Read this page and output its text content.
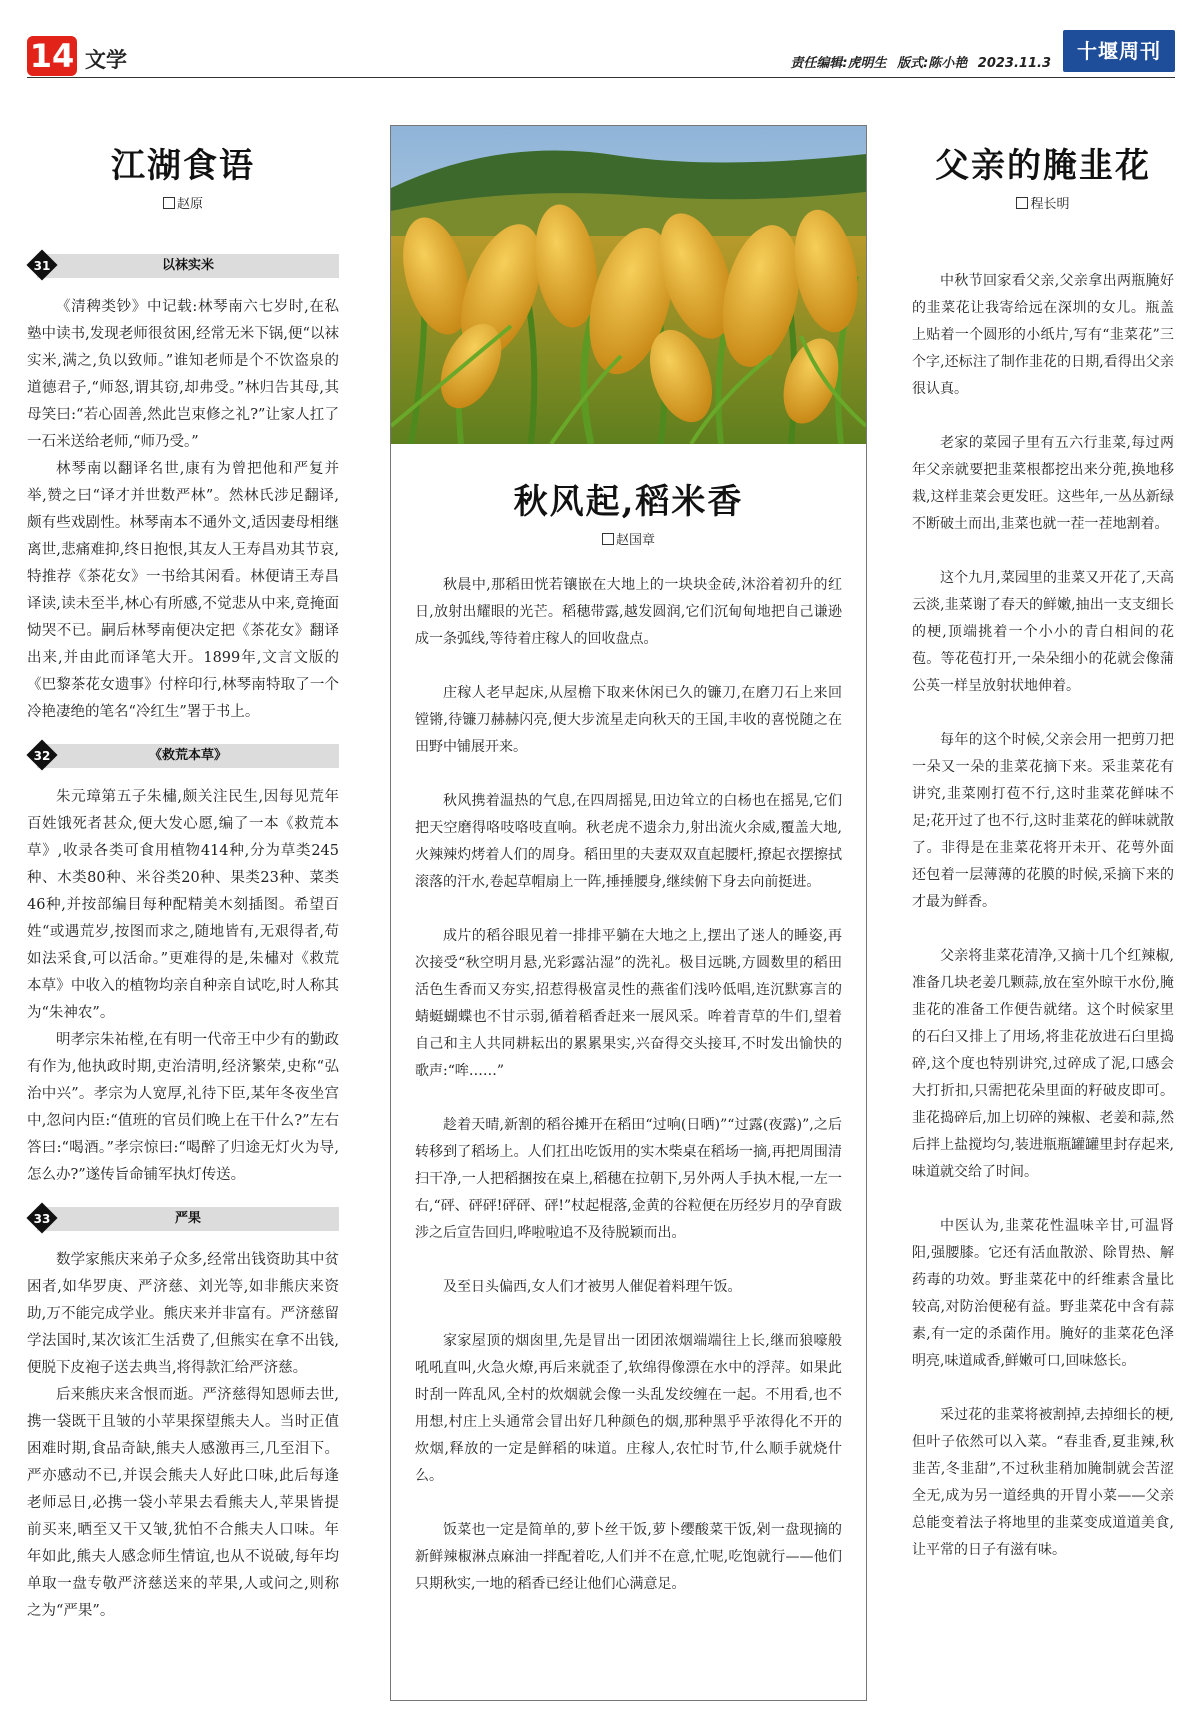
14 文学	责任编辑:虎明生 版式:陈小艳 2023.11.3
十堰周刊
江湖食语
赵原
以袜实米
31

《清稗类钞》中记载:林琴南六七岁时,在私塾中读书,发现老师很贫困,经常无米下锅,便“以袜实米,满之,负以致师。”谁知老师是个不饮盗泉的道德君子,“师怒,谓其窃,却弗受。”林归告其母,其母笑曰:“若心固善,然此岂束修之礼?”让家人扛了一石米送给老师,“师乃受。”

林琴南以翻译名世,康有为曾把他和严复并举,赞之曰“译才并世数严林”。然林氏涉足翻译,颇有些戏剧性。林琴南本不通外文,适因妻母相继离世,悲痛难抑,终日抱恨,其友人王寿昌劝其节哀,特推荐《茶花女》一书给其闲看。林便请王寿昌译读,读未至半,林心有所感,不觉悲从中来,竟掩面恸哭不已。嗣后林琴南便决定把《茶花女》翻译出来,并由此而译笔大开。1899年,文言文版的《巴黎茶花女遗事》付梓印行,林琴南特取了一个冷艳凄绝的笔名“冷红生”署于书上。

《救荒本草》
32

朱元璋第五子朱橚,颇关注民生,因每见荒年百姓饿死者甚众,便大发心愿,编了一本《救荒本草》,收录各类可食用植物414种,分为草类245种、木类80种、米谷类20种、果类23种、菜类46种,并按部编目每种配精美木刻插图。希望百姓“或遇荒岁,按图而求之,随地皆有,无艰得者,苟如法采食,可以活命。”更难得的是,朱橚对《救荒本草》中收入的植物均亲自种亲自试吃,时人称其为“朱神农”。

明孝宗朱祐樘,在有明一代帝王中少有的勤政有作为,他执政时期,吏治清明,经济繁荣,史称“弘治中兴”。孝宗为人宽厚,礼待下臣,某年冬夜坐宫中,忽问内臣:“值班的官员们晚上在干什么?”左右答曰:“喝酒。”孝宗惊曰:“喝醉了归途无灯火为导,怎么办?”遂传旨命铺军执灯传送。

严果
33

数学家熊庆来弟子众多,经常出钱资助其中贫困者,如华罗庚、严济慈、刘光等,如非熊庆来资助,万不能完成学业。熊庆来并非富有。严济慈留学法国时,某次该汇生活费了,但熊实在拿不出钱,便脱下皮袍子送去典当,将得款汇给严济慈。

后来熊庆来含恨而逝。严济慈得知恩师去世,携一袋既干且皱的小苹果探望熊夫人。当时正值困难时期,食品奇缺,熊夫人感激再三,几至泪下。严亦感动不已,并误会熊夫人好此口味,此后每逢老师忌日,必携一袋小苹果去看熊夫人,苹果皆提前买来,晒至又干又皱,犹怕不合熊夫人口味。年年如此,熊夫人感念师生情谊,也从不说破,每年均单取一盘专敬严济慈送来的苹果,人或问之,则称之为“严果”。

秋风起,稻米香
赵国章

秋晨中,那稻田恍若镶嵌在大地上的一块块金砖,沐浴着初升的红日,放射出耀眼的光芒。稻穗带露,越发圆润,它们沉甸甸地把自己谦逊成一条弧线,等待着庄稼人的回收盘点。

庄稼人老早起床,从屋檐下取来休闲已久的镰刀,在磨刀石上来回镗锵,待镰刀赫赫闪亮,便大步流星走向秋天的王国,丰收的喜悦随之在田野中铺展开来。

秋风携着温热的气息,在四周摇晃,田边耸立的白杨也在摇晃,它们把天空磨得咯吱咯吱直响。秋老虎不遗余力,射出流火余威,覆盖大地,火辣辣灼烤着人们的周身。稻田里的夫妻双双直起腰杆,撩起衣摆擦拭滚落的汗水,卷起草帽扇上一阵,捶捶腰身,继续俯下身去向前挺进。

成片的稻谷眼见着一排排平躺在大地之上,摆出了迷人的睡姿,再次接受“秋空明月悬,光彩露沾湿”的洗礼。极目远眺,方圆数里的稻田活色生香而又夯实,招惹得极富灵性的燕雀们浅吟低唱,连沉默寡言的蜻蜓蝴蝶也不甘示弱,循着稻香赶来一展风采。哞着青草的牛们,望着自己和主人共同耕耘出的累累果实,兴奋得交头接耳,不时发出愉快的歌声:“哞……”

趁着天晴,新割的稻谷摊开在稻田“过响(日晒)”“过露(夜露)”,之后转移到了稻场上。人们扛出吃饭用的实木柴桌在稻场一摘,再把周围清扫干净,一人把稻捆按在桌上,稻穗在拉朝下,另外两人手执木棍,一左一右,“砰、砰砰!砰砰、砰!”杖起棍落,金黄的谷粒便在历经岁月的孕育跋涉之后宣告回归,哗啦啦追不及待脱颖而出。

及至日头偏西,女人们才被男人催促着料理午饭。

家家屋顶的烟囱里,先是冒出一团团浓烟端端往上长,继而狼嚎般吼吼直叫,火急火燎,再后来就歪了,软绵得像漂在水中的浮萍。如果此时刮一阵乱风,全村的炊烟就会像一头乱发绞缠在一起。不用看,也不用想,村庄上头通常会冒出好几种颜色的烟,那种黑乎乎浓得化不开的炊烟,释放的一定是鲜稻的味道。庄稼人,农忙时节,什么顺手就烧什么。

饭菜也一定是简单的,萝卜丝干饭,萝卜缨酸菜干饭,剁一盘现摘的新鲜辣椒淋点麻油一拌配着吃,人们并不在意,忙呢,吃饱就行——他们只期秋实,一地的稻香已经让他们心满意足。

父亲的腌韭花
程长明

中秋节回家看父亲,父亲拿出两瓶腌好的韭菜花让我寄给远在深圳的女儿。瓶盖上贴着一个圆形的小纸片,写有“韭菜花”三个字,还标注了制作韭花的日期,看得出父亲很认真。

老家的菜园子里有五六行韭菜,每过两年父亲就要把韭菜根都挖出来分蔸,换地移栽,这样韭菜会更发旺。这些年,一丛丛新绿不断破土而出,韭菜也就一茬一茬地割着。

这个九月,菜园里的韭菜又开花了,天高云淡,韭菜谢了春天的鲜嫩,抽出一支支细长的梗,顶端挑着一个小小的青白相间的花苞。等花苞打开,一朵朵细小的花就会像蒲公英一样呈放射状地伸着。

每年的这个时候,父亲会用一把剪刀把一朵又一朵的韭菜花摘下来。采韭菜花有讲究,韭菜刚打苞不行,这时韭菜花鲜味不足;花开过了也不行,这时韭菜花的鲜味就散了。非得是在韭菜花将开未开、花萼外面还包着一层薄薄的花膜的时候,采摘下来的才最为鲜香。

父亲将韭菜花清净,又摘十几个红辣椒,准备几块老姜几颗蒜,放在室外晾干水份,腌韭花的准备工作便告就绪。这个时候家里的石臼又排上了用场,将韭花放进石臼里捣碎,这个度也特别讲究,过碎成了泥,口感会大打折扣,只需把花朵里面的籽破皮即可。韭花捣碎后,加上切碎的辣椒、老姜和蒜,然后拌上盐搅均匀,装进瓶瓶罐罐里封存起来,味道就交给了时间。

中医认为,韭菜花性温味辛甘,可温肾阳,强腰膝。它还有活血散淤、除胃热、解药毒的功效。野韭菜花中的纤维素含量比较高,对防治便秘有益。野韭菜花中含有蒜素,有一定的杀菌作用。腌好的韭菜花色泽明亮,味道咸香,鲜嫩可口,回味悠长。

采过花的韭菜将被割掉,去掉细长的梗,但叶子依然可以入菜。“春韭香,夏韭辣,秋韭苦,冬韭甜”,不过秋韭稍加腌制就会苦涩全无,成为另一道经典的开胃小菜——父亲总能变着法子将地里的韭菜变成道道美食,让平常的日子有滋有味。
